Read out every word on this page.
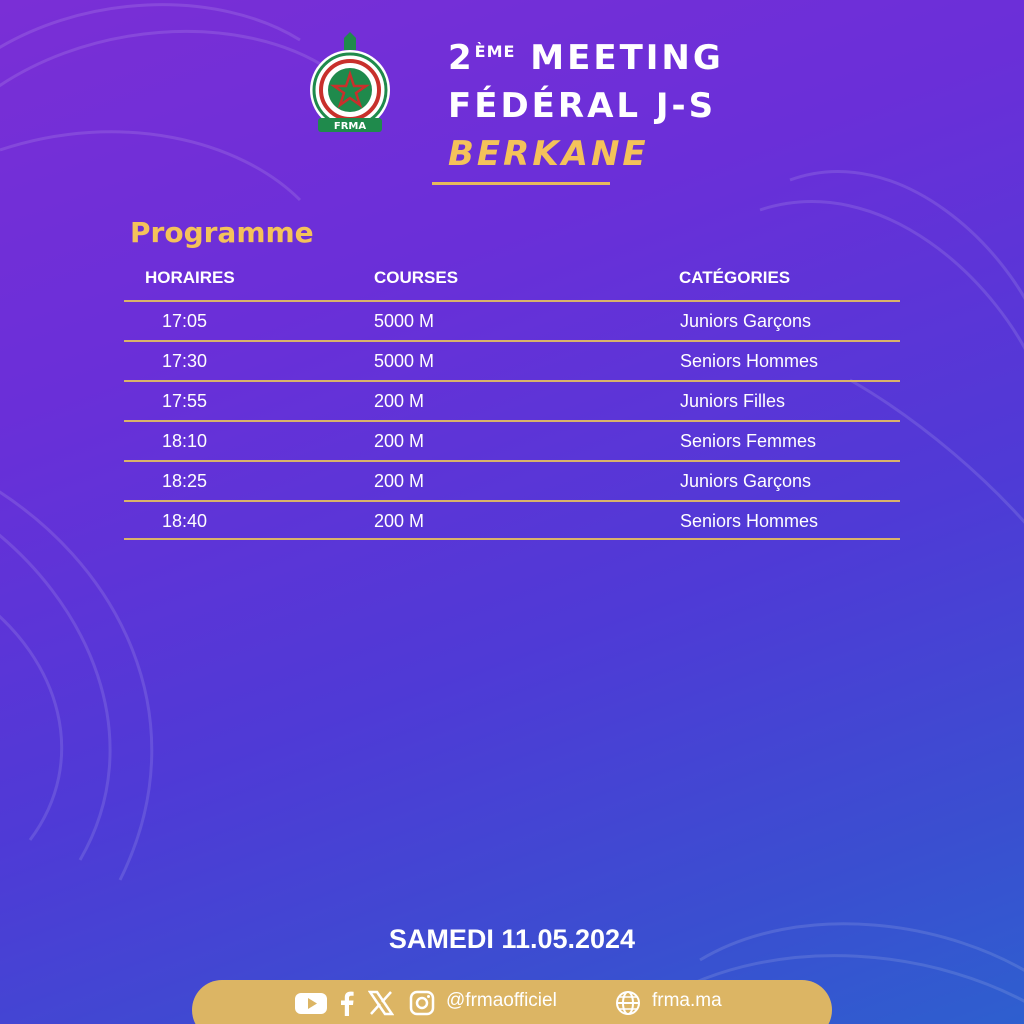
FRMA
2ÈME MEETING
FÉDÉRAL J-S
BERKANE
Programme
HORAIRES	COURSES	CATÉGORIES
17:05	5000 M	Juniors Garçons
17:30	5000 M	Seniors Hommes
17:55	200 M	Juniors Filles
18:10	200 M	Seniors Femmes
18:25	200 M	Juniors Garçons
18:40	200 M	Seniors Hommes
SAMEDI 11.05.2024
@frmaofficiel	frma.ma
